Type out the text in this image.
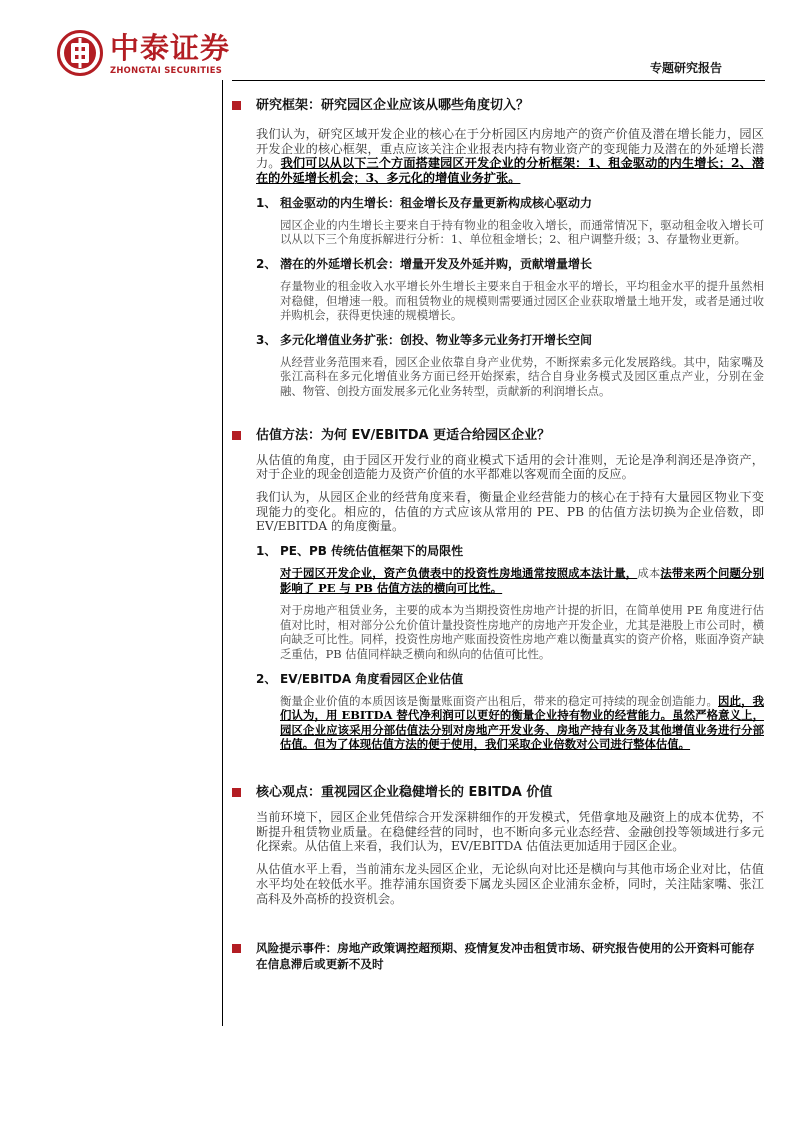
中泰证券
ZHONGTAI SECURITIES	专题研究报告
研究框架：研究园区企业应该从哪些角度切入？

我们认为，研究区域开发企业的核心在于分析园区内房地产的资产价值及潜在增长能力，园区开发企业的核心框架，重点应该关注企业报表内持有物业资产的变现能力及潜在的外延增长潜力。我们可以从以下三个方面搭建园区开发企业的分析框架：1、租金驱动的内生增长；2、潜在的外延增长机会；3、多元化的增值业务扩张。

1、 租金驱动的内生增长：租金增长及存量更新构成核心驱动力

园区企业的内生增长主要来自于持有物业的租金收入增长，而通常情况下，驱动租金收入增长可以从以下三个角度拆解进行分析：1、单位租金增长；2、租户调整升级；3、存量物业更新。

2、 潜在的外延增长机会：增量开发及外延并购，贡献增量增长

存量物业的租金收入水平增长外生增长主要来自于租金水平的增长，平均租金水平的提升虽然相对稳健，但增速一般。而租赁物业的规模则需要通过园区企业获取增量土地开发，或者是通过收并购机会，获得更快速的规模增长。

3、 多元化增值业务扩张：创投、物业等多元业务打开增长空间

从经营业务范围来看，园区企业依靠自身产业优势，不断探索多元化发展路线。其中，陆家嘴及张江高科在多元化增值业务方面已经开始探索，结合自身业务模式及园区重点产业，分别在金融、物管、创投方面发展多元化业务转型，贡献新的利润增长点。

估值方法：为何 EV/EBITDA 更适合给园区企业？

从估值的角度，由于园区开发行业的商业模式下适用的会计准则，无论是净利润还是净资产，对于企业的现金创造能力及资产价值的水平都难以客观而全面的反应。

我们认为，从园区企业的经营角度来看，衡量企业经营能力的核心在于持有大量园区物业下变现能力的变化。相应的，估值的方式应该从常用的 PE、PB 的估值方法切换为企业倍数，即 EV/EBITDA 的角度衡量。

1、 PE、PB 传统估值框架下的局限性

对于园区开发企业，资产负债表中的投资性房地通常按照成本法计量，成本法带来两个问题分别影响了 PE 与 PB 估值方法的横向可比性。

对于房地产租赁业务，主要的成本为当期投资性房地产计提的折旧，在简单使用 PE 角度进行估值对比时，相对部分公允价值计量投资性房地产的房地产开发企业，尤其是港股上市公司时，横向缺乏可比性。同样，投资性房地产账面投资性房地产难以衡量真实的资产价格，账面净资产缺乏重估，PB 估值同样缺乏横向和纵向的估值可比性。

2、 EV/EBITDA 角度看园区企业估值

衡量企业价值的本质因该是衡量账面资产出租后，带来的稳定可持续的现金创造能力。因此，我们认为，用 EBITDA 替代净利润可以更好的衡量企业持有物业的经营能力。虽然严格意义上，园区企业应该采用分部估值法分别对房地产开发业务、房地产持有业务及其他增值业务进行分部估值。但为了体现估值方法的便于使用，我们采取企业倍数对公司进行整体估值。

核心观点：重视园区企业稳健增长的 EBITDA 价值

当前环境下，园区企业凭借综合开发深耕细作的开发模式，凭借拿地及融资上的成本优势，不断提升租赁物业质量。在稳健经营的同时，也不断向多元业态经营、金融创投等领域进行多元化探索。从估值上来看，我们认为，EV/EBITDA 估值法更加适用于园区企业。

从估值水平上看，当前浦东龙头园区企业，无论纵向对比还是横向与其他市场企业对比，估值水平均处在较低水平。推荐浦东国资委下属龙头园区企业浦东金桥，同时，关注陆家嘴、张江高科及外高桥的投资机会。

风险提示事件：房地产政策调控超预期、疫情复发冲击租赁市场、研究报告使用的公开资料可能存在信息滞后或更新不及时
